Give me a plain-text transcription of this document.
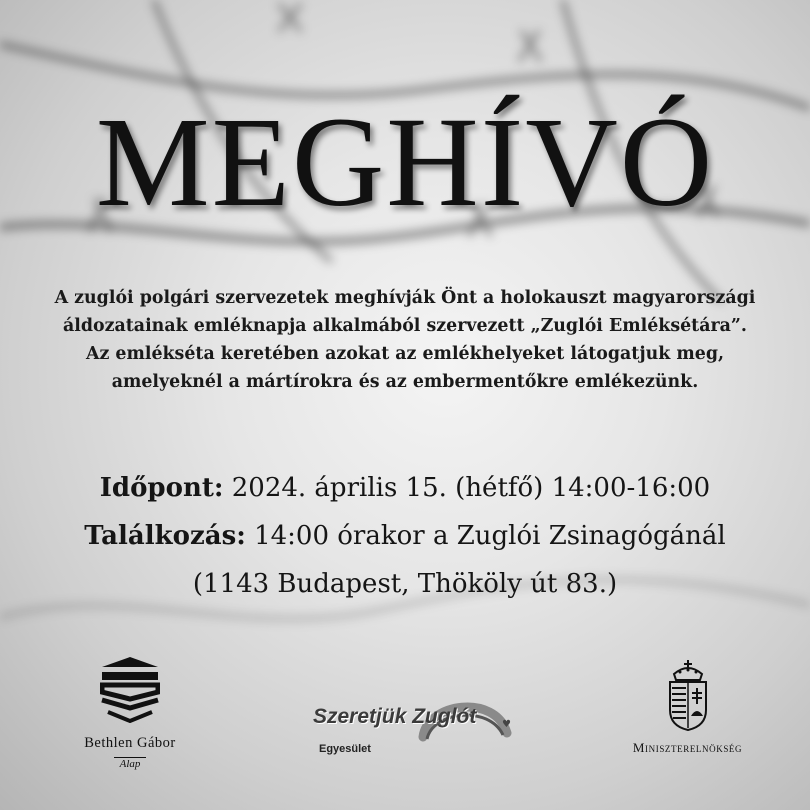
MEGHÍVÓ

A zuglói polgári szervezetek meghívják Önt a holokauszt magyarországi
áldozatainak emléknapja alkalmából szervezett „Zuglói Emléksétára”.
Az emlékséta keretében azokat az emlékhelyeket látogatjuk meg,
amelyeknél a mártírokra és az embermentőkre emlékezünk.

Időpont: 2024. április 15. (hétfő) 14:00-16:00
Találkozás: 14:00 órakor a Zuglói Zsinagógánál
(1143 Budapest, Thököly út 83.)
Bethlen Gábor
Alap
Szeretjük Zuglót	♥
Egyesület	Miniszterelnökség
